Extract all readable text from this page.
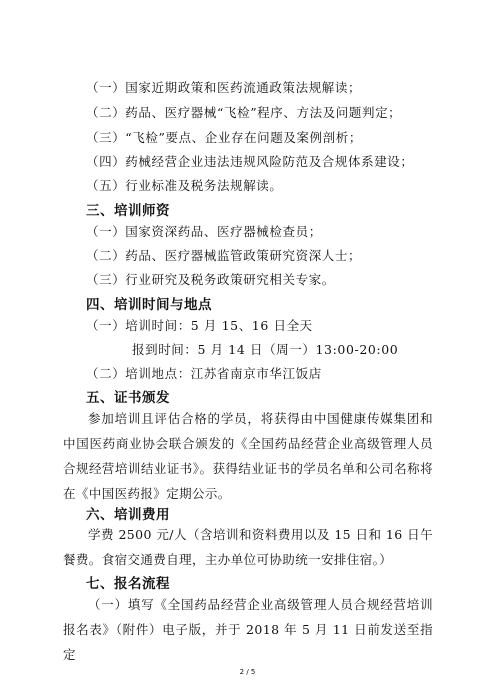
（一）国家近期政策和医药流通政策法规解读；
（二）药品、医疗器械“飞检”程序、方法及问题判定；
（三）“飞检”要点、企业存在问题及案例剖析；
（四）药械经营企业违法违规风险防范及合规体系建设；
（五）行业标准及税务法规解读。
三、培训师资
（一）国家资深药品、医疗器械检查员；
（二）药品、医疗器械监管政策研究资深人士；
（三）行业研究及税务政策研究相关专家。
四、培训时间与地点
（一）培训时间：5 月 15、16 日全天
报到时间：5 月 14 日（周一）13:00-20:00
（二）培训地点：江苏省南京市华江饭店
五、证书颁发
参加培训且评估合格的学员，将获得由中国健康传媒集团和中国医药商业协会联合颁发的《全国药品经营企业高级管理人员合规经营培训结业证书》。获得结业证书的学员名单和公司名称将在《中国医药报》定期公示。
六、培训费用
学费 2500 元/人（含培训和资料费用以及 15 日和 16 日午餐费。食宿交通费自理，主办单位可协助统一安排住宿。）
七、报名流程
（一）填写《全国药品经营企业高级管理人员合规经营培训报名表》（附件）电子版，并于 2018 年 5 月 11 日前发送至指定
2 / 5
